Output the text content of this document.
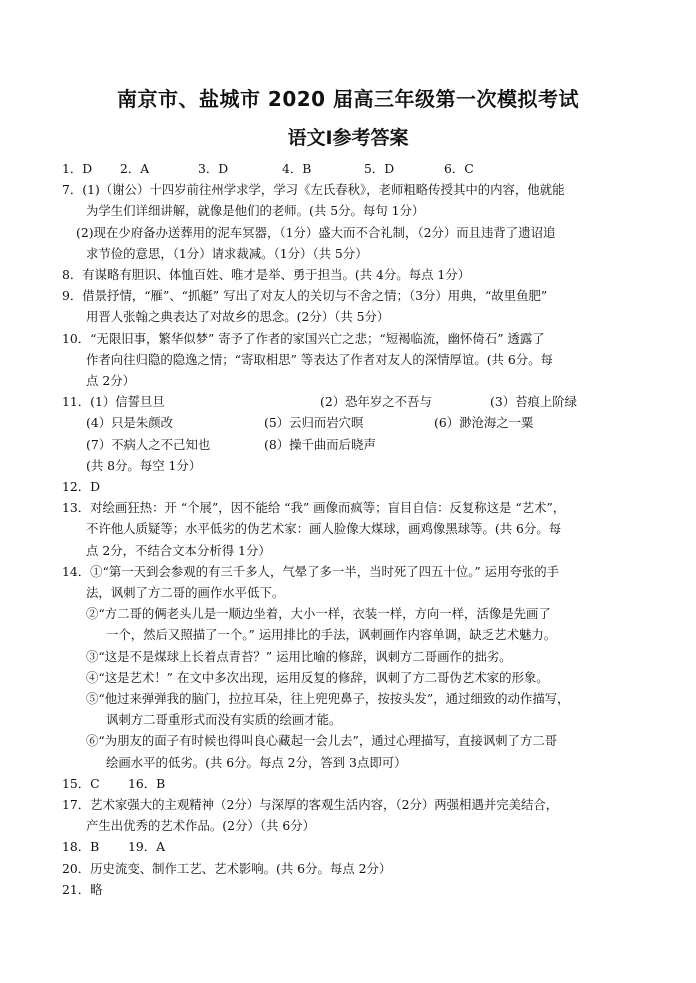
南京市、盐城市 2020 届高三年级第一次模拟考试
语文Ⅰ参考答案
1．D 2．A	3．D	4．B	5．D	6．C
7．(1)（谢公）十四岁前往州学求学，学习《左氏春秋》，老师粗略传授其中的内容，他就能
为学生们详细讲解，就像是他们的老师。(共 5分。每句 1分）
(2)现在少府备办送葬用的泥车冥器，（1分）盛大而不合礼制，（2分）而且违背了遗诏追
求节俭的意思，（1分）请求裁减。（1分）（共 5分）
8．有谋略有胆识、体恤百姓、唯才是举、勇于担当。(共 4分。每点 1分）
9．借景抒情，“雁”、“抓艇” 写出了对友人的关切与不舍之情；（3分）用典，“故里鱼肥”
用晋人张翰之典表达了对故乡的思念。(2分）（共 5分）
10．“无限旧事，繁华似梦” 寄予了作者的家国兴亡之悲；“短褐临流，幽怀倚石” 透露了
作者向往归隐的隐逸之情；“寄取相思” 等表达了作者对友人的深情厚谊。(共 6分。每
点 2分）
11．(1）信誓旦旦	(2）恐年岁之不吾与	(3）苔痕上阶绿
(4）只是朱颜改	(5）云归而岩穴暝	(6）渺沧海之一粟
(7）不病人之不己知也	(8）操千曲而后晓声
(共 8分。每空 1分）
12．D
13．对绘画狂热：开 “个展”，因不能给 “我” 画像而疯等；盲目自信：反复称这是 “艺术”，
不许他人质疑等；水平低劣的伪艺术家：画人脸像大煤球，画鸡像黑球等。(共 6分。每
点 2分，不结合文本分析得 1分）
14．①“第一天到会参观的有三千多人，气晕了多一半，当时死了四五十位。” 运用夸张的手
法，讽刺了方二哥的画作水平低下。
②“方二哥的俩老头儿是一顺边坐着，大小一样，衣装一样，方向一样，活像是先画了
一个，然后又照描了一个。” 运用排比的手法，讽刺画作内容单调，缺乏艺术魅力。
③“这是不是煤球上长着点青苔？” 运用比喻的修辞，讽刺方二哥画作的拙劣。
④“这是艺术！” 在文中多次出现，运用反复的修辞，讽刺了方二哥伪艺术家的形象。
⑤“他过来弹弹我的脑门，拉拉耳朵，往上兜兜鼻子，按按头发”，通过细致的动作描写，
讽刺方二哥重形式而没有实质的绘画才能。
⑥“为朋友的面子有时候也得叫良心藏起一会儿去”，通过心理描写，直接讽刺了方二哥
绘画水平的低劣。(共 6分。每点 2分，答到 3点即可）
15．C 16．B
17．艺术家强大的主观精神（2分）与深厚的客观生活内容，（2分）两强相遇并完美结合，
产生出优秀的艺术作品。(2分）（共 6分）
18．B 19．A
20．历史流变、制作工艺、艺术影响。(共 6分。每点 2分）
21．略
